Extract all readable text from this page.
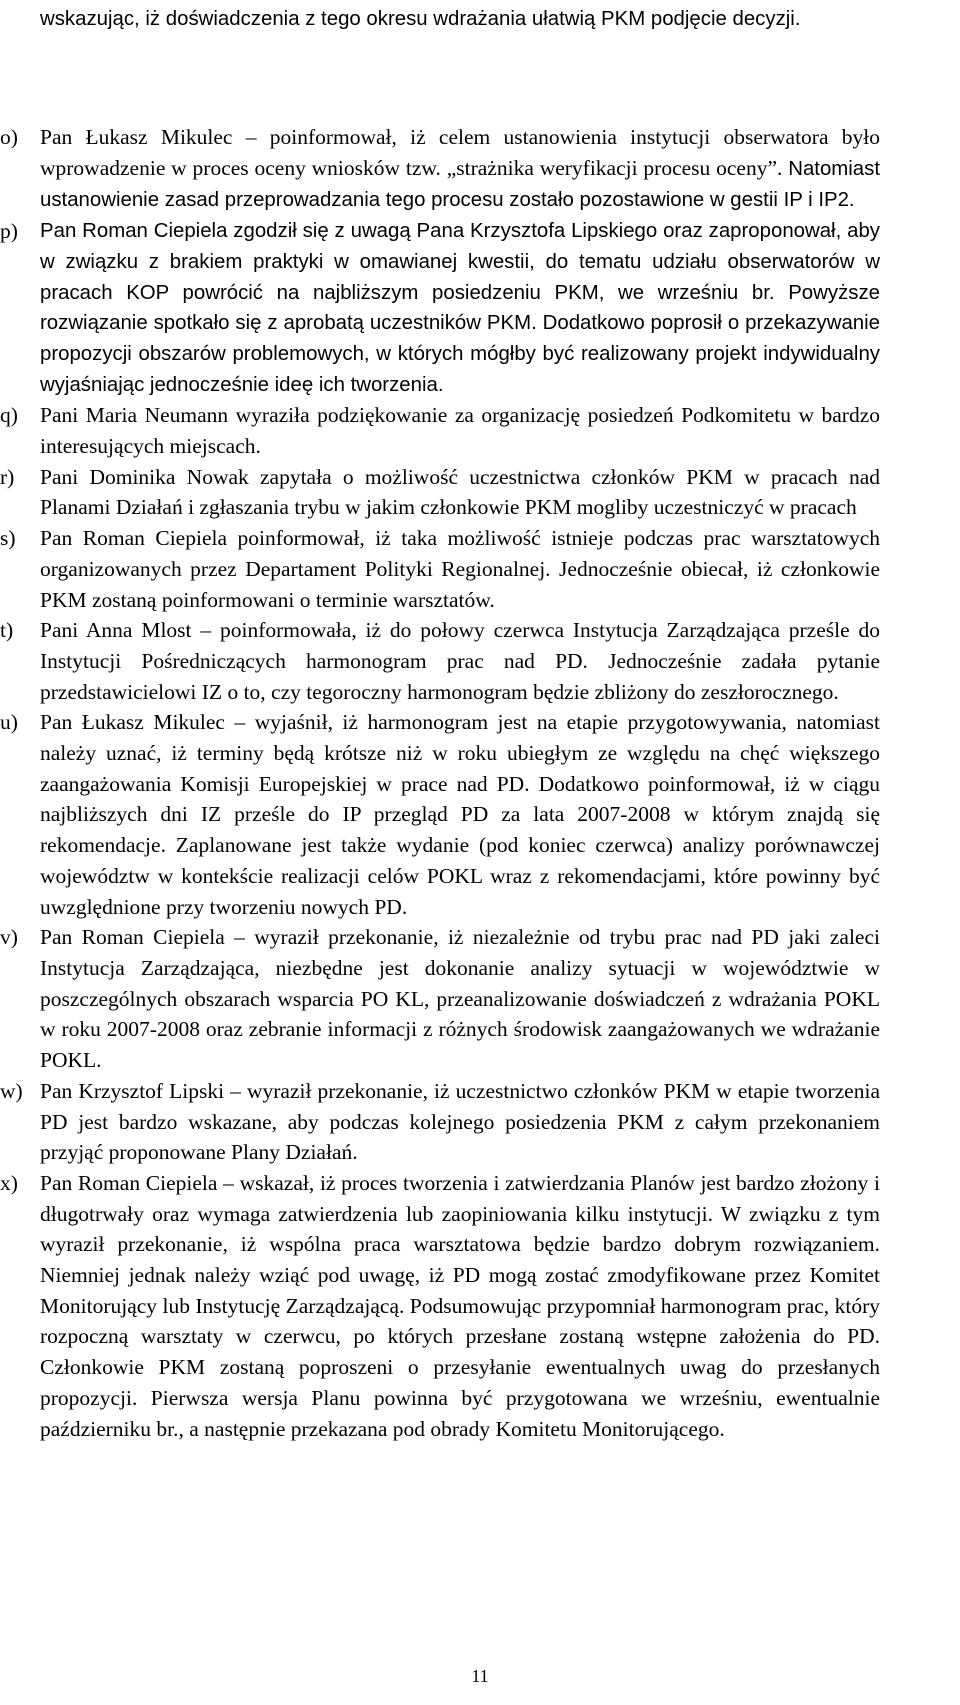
wskazując, iż doświadczenia z tego okresu wdrażania ułatwią PKM podjęcie decyzji.
o)	Pan Łukasz Mikulec – poinformował, iż celem ustanowienia instytucji obserwatora było wprowadzenie w proces oceny wniosków tzw. „strażnika weryfikacji procesu oceny”. Natomiast ustanowienie zasad przeprowadzania tego procesu zostało pozostawione w gestii IP i IP2.
p)	Pan Roman Ciepiela zgodził się z uwagą Pana Krzysztofa Lipskiego oraz zaproponował, aby w związku z brakiem praktyki w omawianej kwestii, do tematu udziału obserwatorów w pracach KOP powrócić na najbliższym posiedzeniu PKM, we wrześniu br. Powyższe rozwiązanie spotkało się z aprobatą uczestników PKM. Dodatkowo poprosił o przekazywanie propozycji obszarów problemowych, w których mógłby być realizowany projekt indywidualny wyjaśniając jednocześnie ideę ich tworzenia.
q)	Pani Maria Neumann wyraziła podziękowanie za organizację posiedzeń Podkomitetu w bardzo interesujących miejscach.
r)	Pani Dominika Nowak zapytała o możliwość uczestnictwa członków PKM w pracach nad Planami Działań i zgłaszania trybu w jakim członkowie PKM mogliby uczestniczyć w pracach
s)	Pan Roman Ciepiela poinformował, iż taka możliwość istnieje podczas prac warsztatowych organizowanych przez Departament Polityki Regionalnej. Jednocześnie obiecał, iż członkowie PKM zostaną poinformowani o terminie warsztatów.
t)	Pani Anna Mlost – poinformowała, iż do połowy czerwca Instytucja Zarządzająca prześle do Instytucji Pośredniczących harmonogram prac nad PD. Jednocześnie zadała pytanie przedstawicielowi IZ o to, czy tegoroczny harmonogram będzie zbliżony do zeszłorocznego.
u)	Pan Łukasz Mikulec – wyjaśnił, iż harmonogram jest na etapie przygotowywania, natomiast należy uznać, iż terminy będą krótsze niż w roku ubiegłym ze względu na chęć większego zaangażowania Komisji Europejskiej w prace nad PD. Dodatkowo poinformował, iż w ciągu najbliższych dni IZ prześle do IP przegląd PD za lata 2007-2008 w którym znajdą się rekomendacje. Zaplanowane jest także wydanie (pod koniec czerwca) analizy porównawczej województw w kontekście realizacji celów POKL wraz z rekomendacjami, które powinny być uwzględnione przy tworzeniu nowych PD.
v)	Pan Roman Ciepiela – wyraził przekonanie, iż niezależnie od trybu prac nad PD jaki zaleci Instytucja Zarządzająca, niezbędne jest dokonanie analizy sytuacji w województwie w poszczególnych obszarach wsparcia PO KL, przeanalizowanie doświadczeń z wdrażania POKL w roku 2007-2008 oraz zebranie informacji z różnych środowisk zaangażowanych we wdrażanie POKL.
w) Pan Krzysztof Lipski – wyraził przekonanie, iż uczestnictwo członków PKM w etapie tworzenia PD jest bardzo wskazane, aby podczas kolejnego posiedzenia PKM z całym przekonaniem przyjąć proponowane Plany Działań.
x)	Pan Roman Ciepiela – wskazał, iż proces tworzenia i zatwierdzania Planów jest bardzo złożony i długotrwały oraz wymaga zatwierdzenia lub zaopiniowania kilku instytucji. W związku z tym wyraził przekonanie, iż wspólna praca warsztatowa będzie bardzo dobrym rozwiązaniem. Niemniej jednak należy wziąć pod uwagę, iż PD mogą zostać zmodyfikowane przez Komitet Monitorujący lub Instytucję Zarządzającą. Podsumowując przypomniał harmonogram prac, który rozpoczną warsztaty w czerwcu, po których przesłane zostaną wstępne założenia do PD. Członkowie PKM zostaną poproszeni o przesyłanie ewentualnych uwag do przesłanych propozycji. Pierwsza wersja Planu powinna być przygotowana we wrześniu, ewentualnie październiku br., a następnie przekazana pod obrady Komitetu Monitorującego.
11
